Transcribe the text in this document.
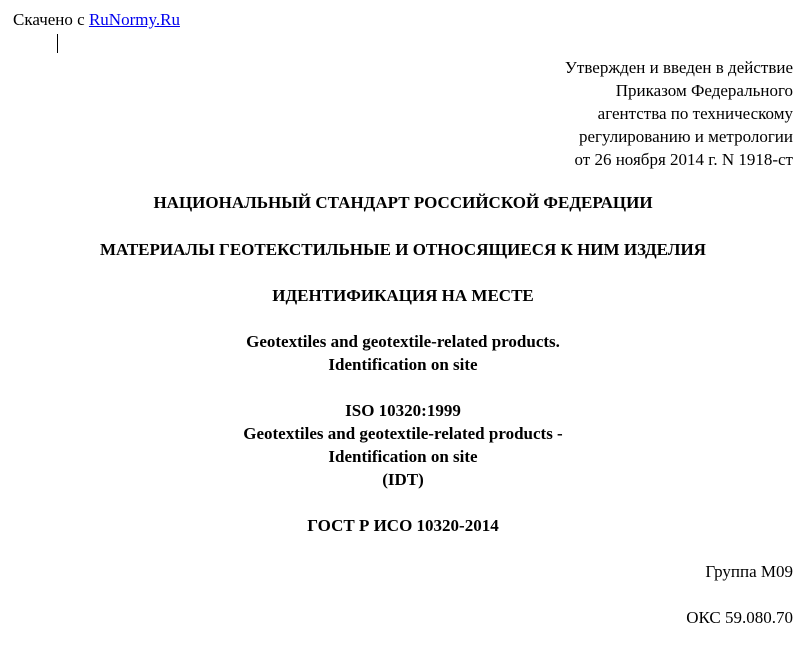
Скачено с RuNormy.Ru
Утвержден и введен в действие
Приказом Федерального
агентства по техническому
регулированию и метрологии
от 26 ноября 2014 г. N 1918-ст
НАЦИОНАЛЬНЫЙ СТАНДАРТ РОССИЙСКОЙ ФЕДЕРАЦИИ
МАТЕРИАЛЫ ГЕОТЕКСТИЛЬНЫЕ И ОТНОСЯЩИЕСЯ К НИМ ИЗДЕЛИЯ
ИДЕНТИФИКАЦИЯ НА МЕСТЕ
Geotextiles and geotextile-related products.
Identification on site
ISO 10320:1999
Geotextiles and geotextile-related products -
Identification on site
(IDT)
ГОСТ Р ИСО 10320-2014
Группа М09
ОКС 59.080.70
